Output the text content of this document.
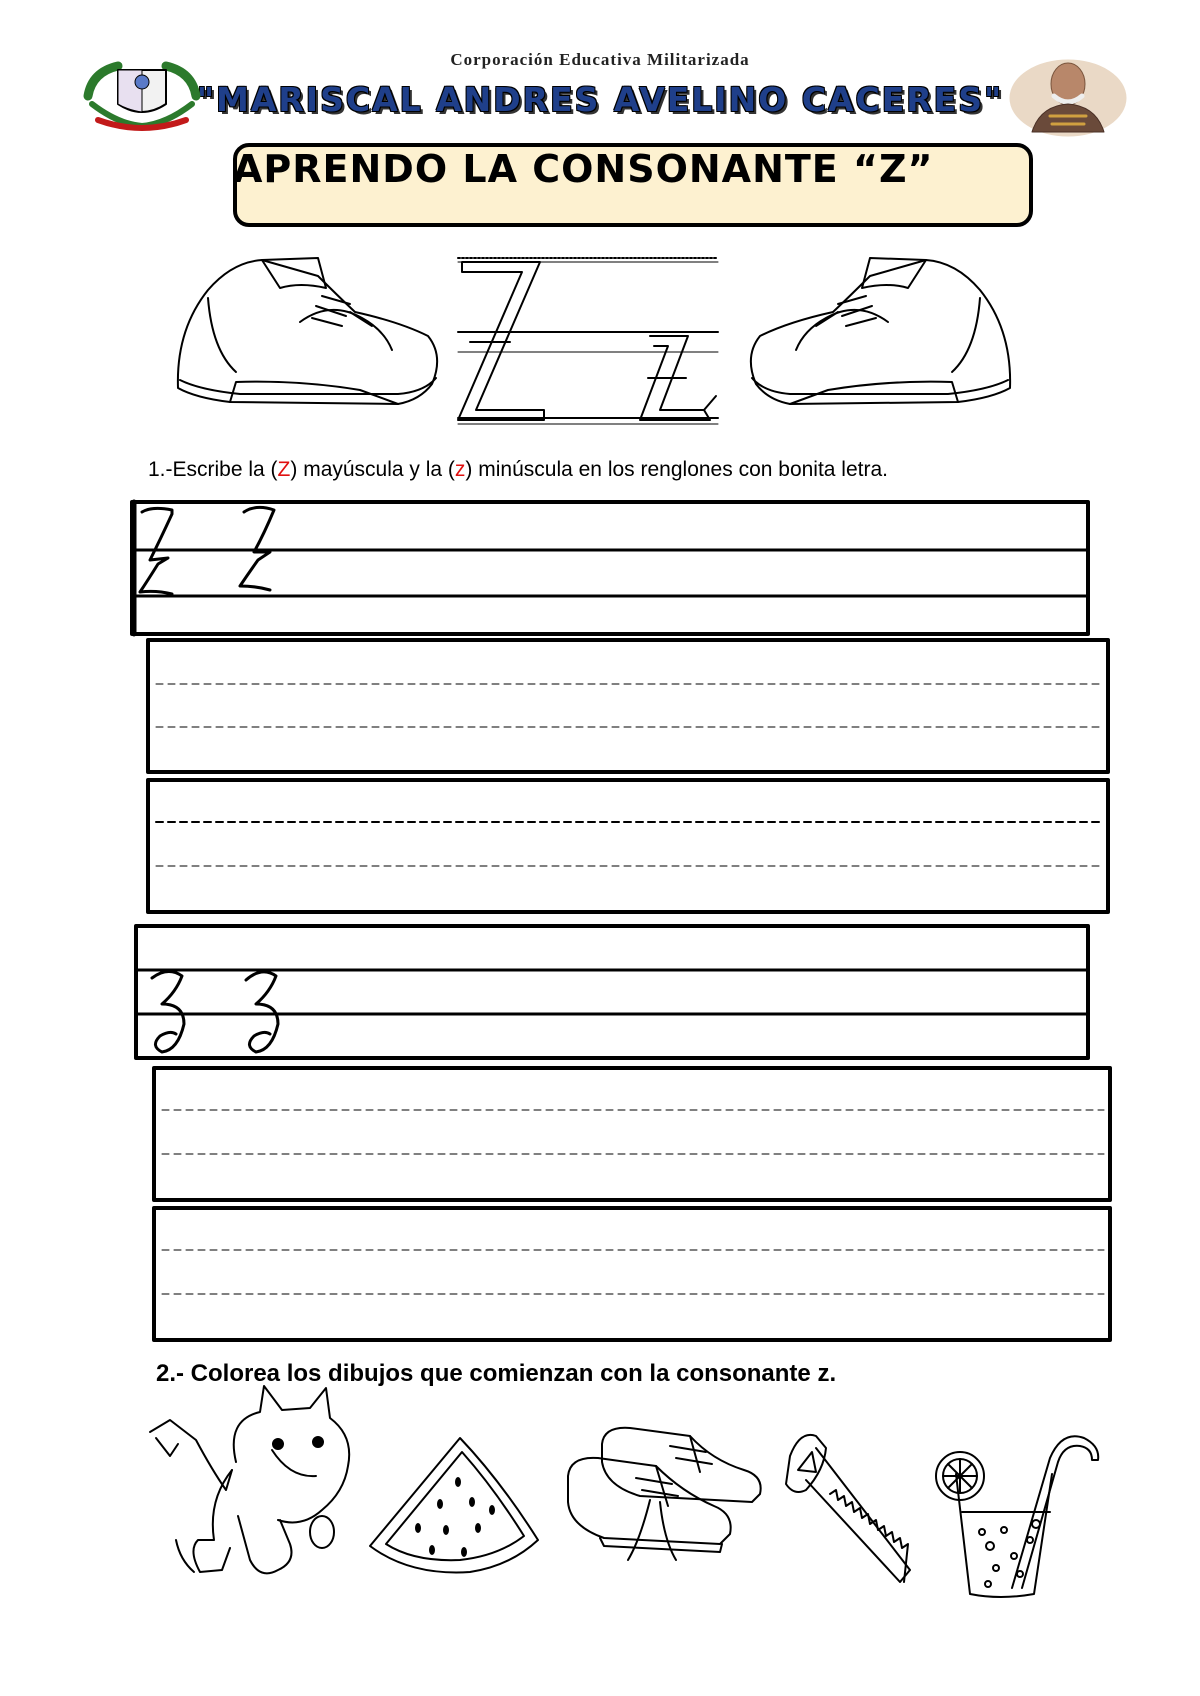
Corporación Educativa Militarizada
"MARISCAL ANDRES AVELINO CACERES"
APRENDO LA CONSONANTE “Z”
1.-Escribe la (Z) mayúscula y la (z) minúscula en los renglones con bonita letra.
2.- Colorea los dibujos que comienzan con la consonante z.
